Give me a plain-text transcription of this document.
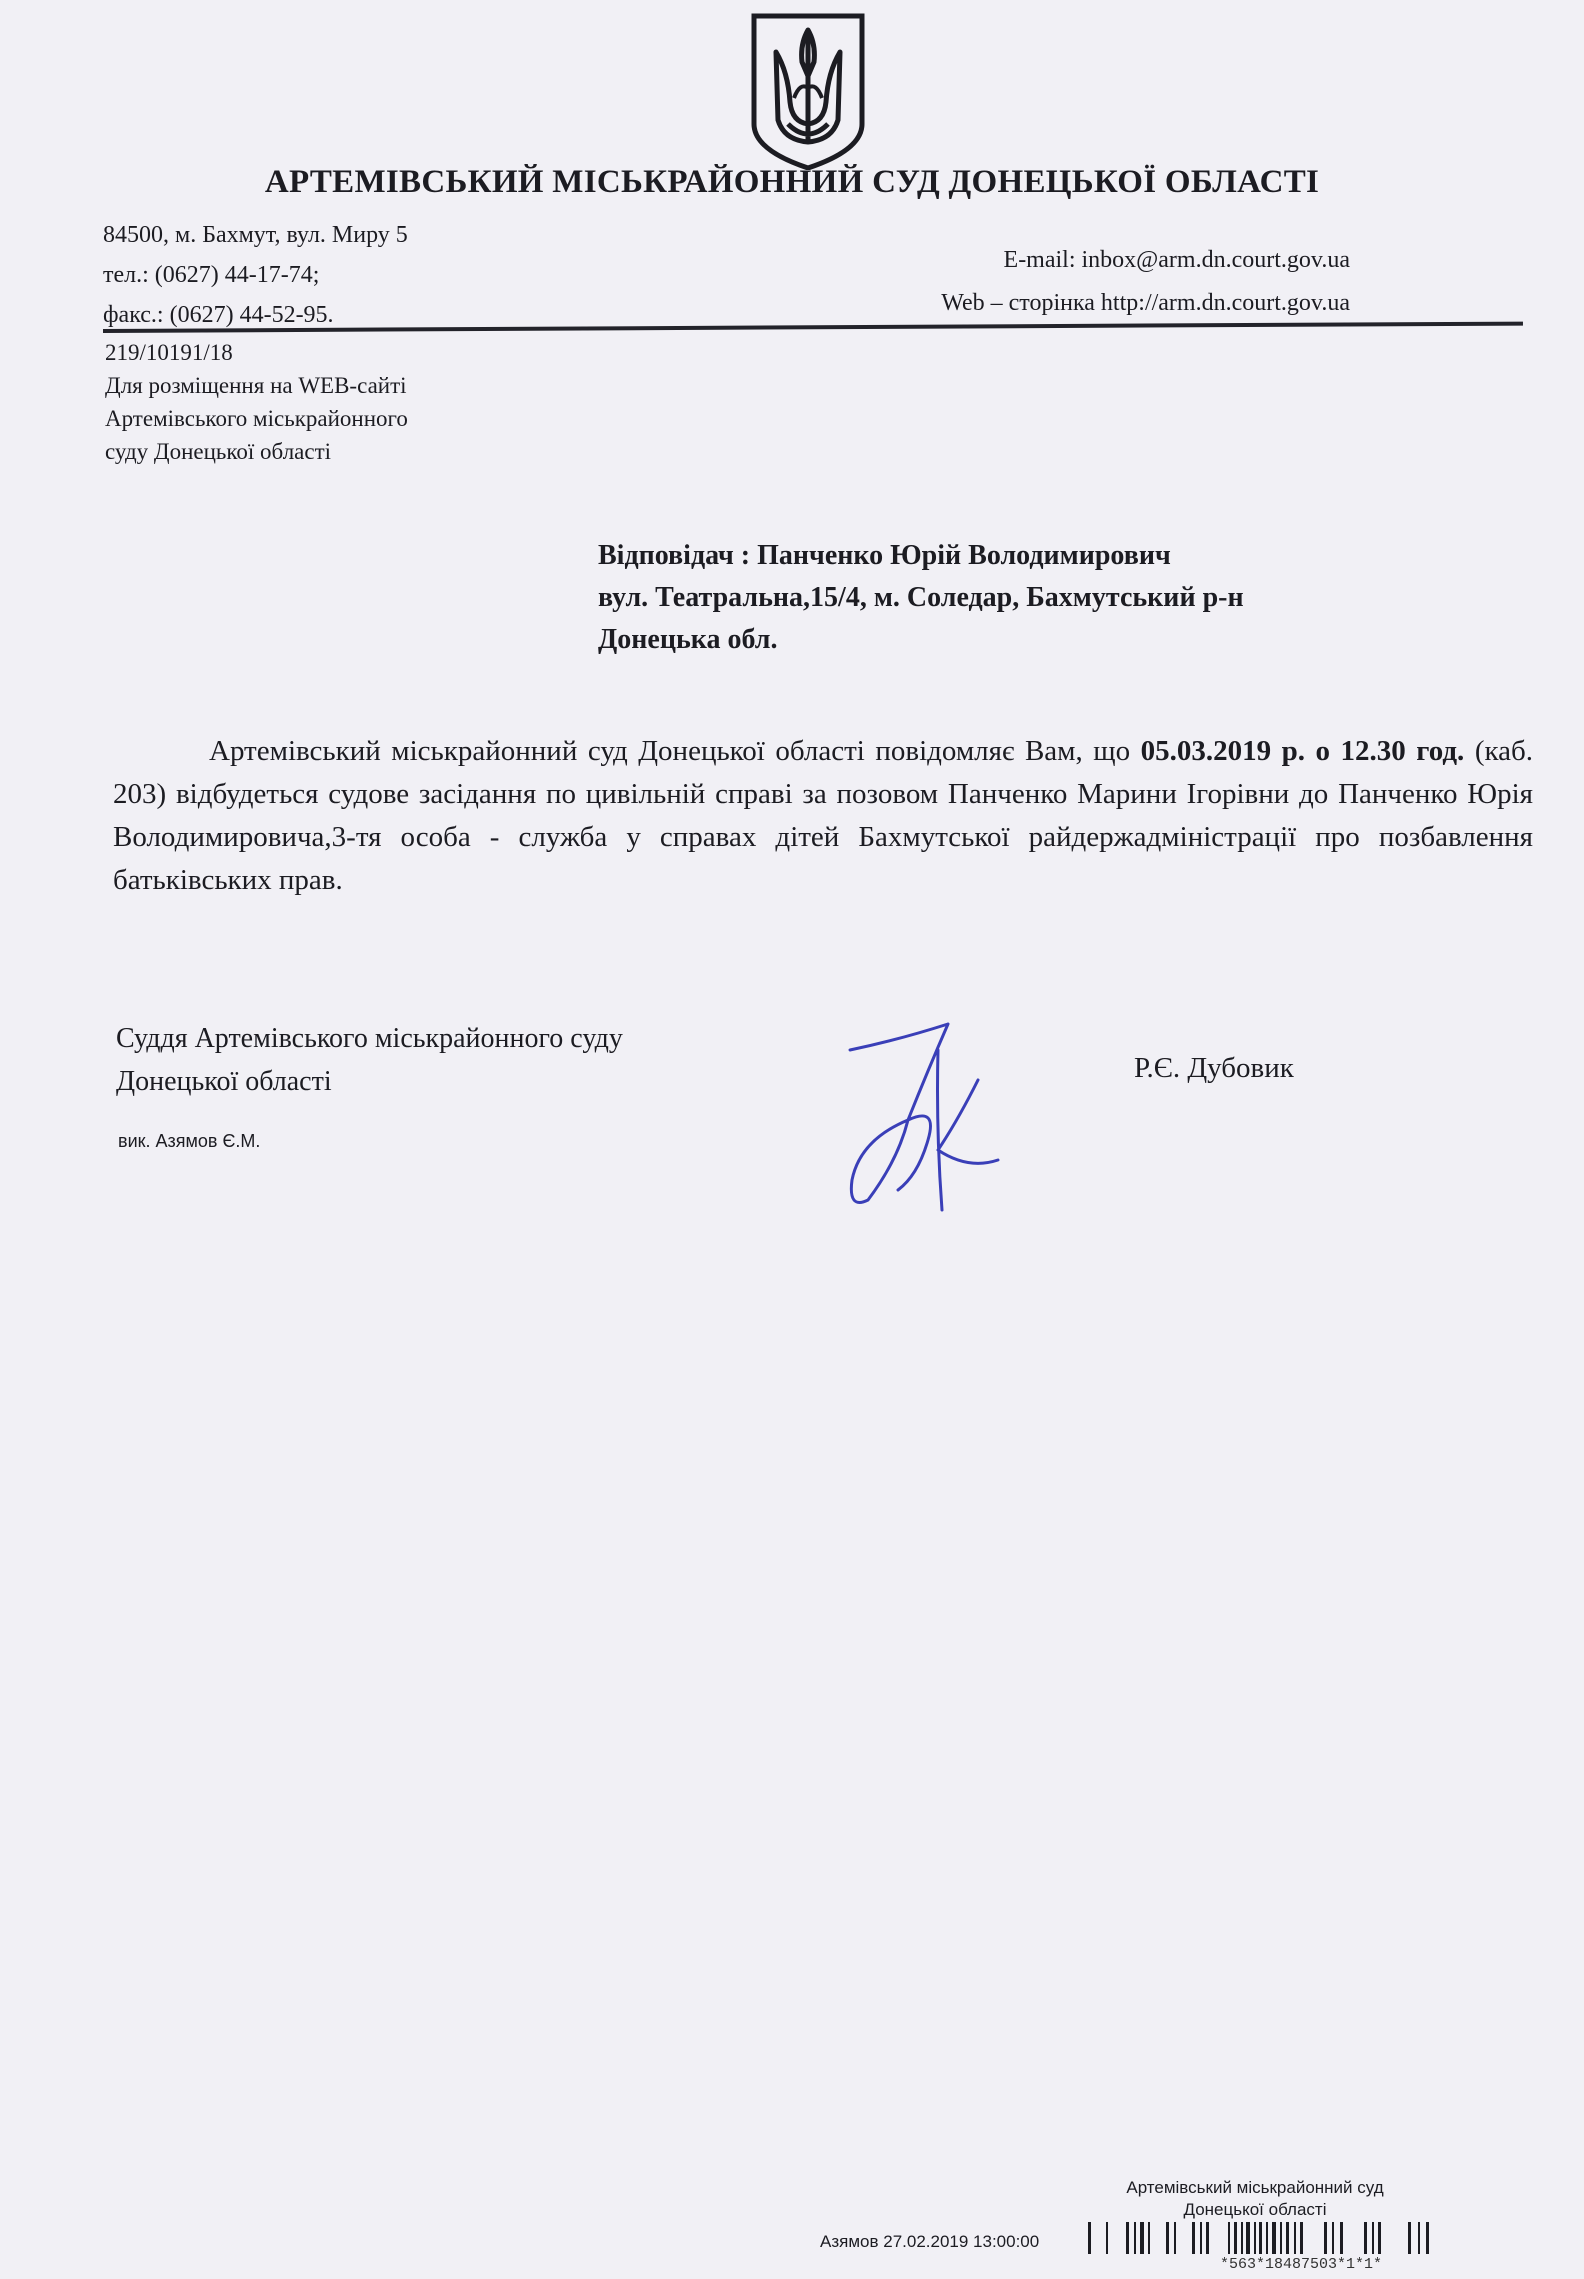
АРТЕМІВСЬКИЙ МІСЬКРАЙОННИЙ СУД ДОНЕЦЬКОЇ ОБЛАСТІ
84500, м. Бахмут, вул. Миру 5
тел.: (0627) 44-17-74;
факс.: (0627) 44-52-95.
E-mail: inbox@arm.dn.court.gov.ua
Web – сторінка http://arm.dn.court.gov.ua
219/10191/18
Для розміщення на WEB-сайті
Артемівського міськрайонного
суду Донецької області
Відповідач : Панченко Юрій Володимирович
вул. Театральна,15/4, м. Соледар, Бахмутський р-н
Донецька обл.
Артемівський міськрайонний суд Донецької області повідомляє Вам, що 05.03.2019 р. о 12.30 год. (каб. 203) відбудеться судове засідання по цивільній справі за позовом Панченко Марини Ігорівни до Панченко Юрія Володимировича,3-тя особа - служба у справах дітей Бахмутської райдержадміністрації про позбавлення батьківських прав.
Суддя Артемівського міськрайонного суду
Донецької області
вик. Азямов Є.М.
Р.Є. Дубовик
Артемівський міськрайонний суд
Донецької області
Азямов 27.02.2019 13:00:00
*563*18487503*1*1*
